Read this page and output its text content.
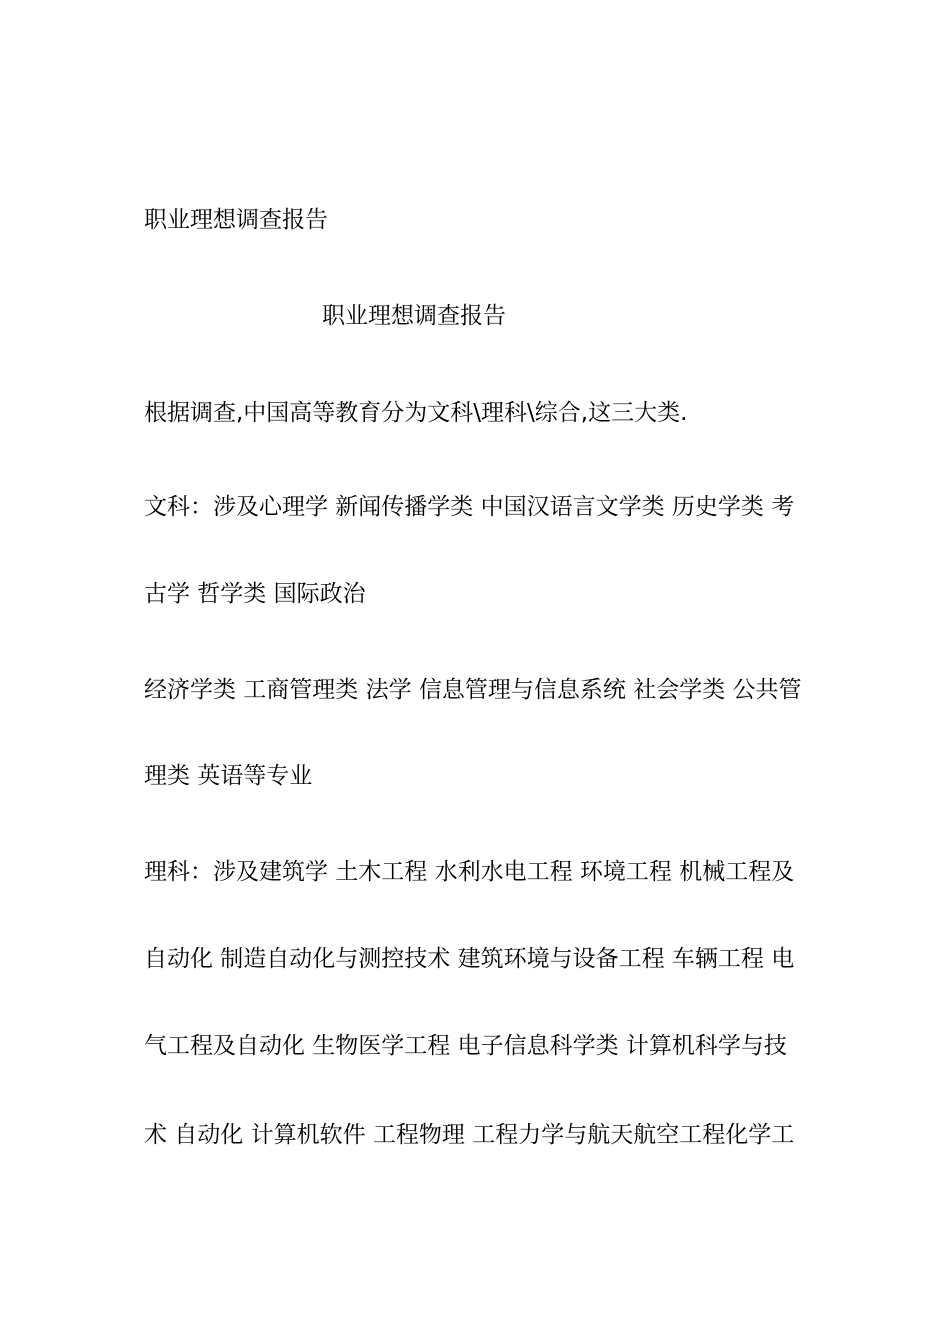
职业理想调查报告
职业理想调查报告
根据调查,中国高等教育分为文科\理科\综合,这三大类.
文科：涉及心理学 新闻传播学类 中国汉语言文学类 历史学类 考
古学 哲学类 国际政治
经济学类 工商管理类 法学 信息管理与信息系统 社会学类 公共管
理类 英语等专业
理科：涉及建筑学 土木工程 水利水电工程 环境工程 机械工程及
自动化 制造自动化与测控技术 建筑环境与设备工程 车辆工程 电
气工程及自动化 生物医学工程 电子信息科学类 计算机科学与技
术 自动化 计算机软件 工程物理 工程力学与航天航空工程化学工
